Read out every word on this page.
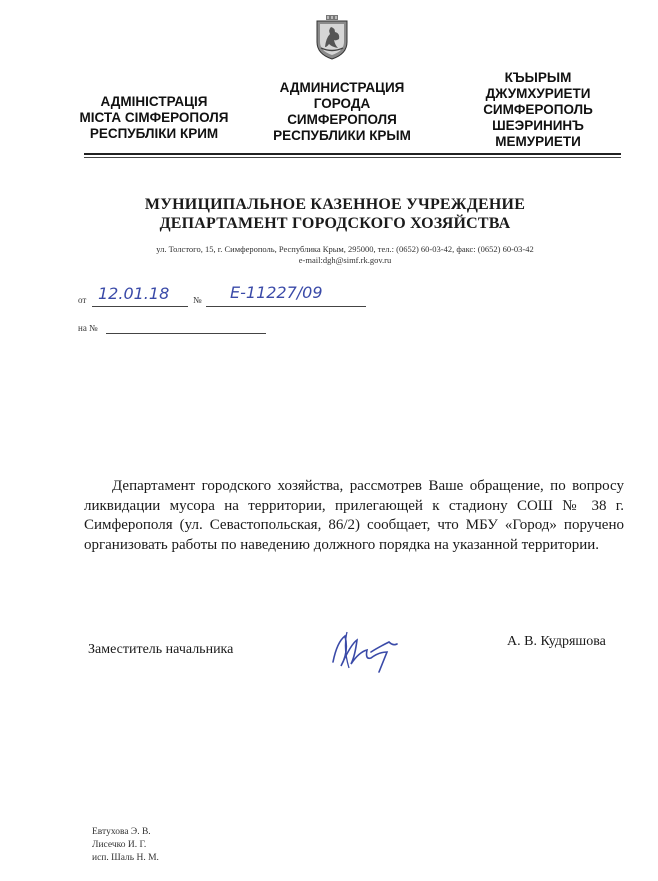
АДМІНІСТРАЦІЯ
МІСТА СІМФЕРОПОЛЯ
РЕСПУБЛІКИ КРИМ
АДМИНИСТРАЦИЯ
ГОРОДА
СИМФЕРОПОЛЯ
РЕСПУБЛИКИ КРЫМ
КЪЫРЫМ
ДЖУМХУРИЕТИ
СИМФЕРОПОЛЬ
ШЕЭРИНИНЪ
МЕМУРИЕТИ
МУНИЦИПАЛЬНОЕ КАЗЕННОЕ УЧРЕЖДЕНИЕ
ДЕПАРТАМЕНТ ГОРОДСКОГО ХОЗЯЙСТВА
ул. Толстого, 15, г. Симферополь, Республика Крым, 295000, тел.: (0652) 60-03-42, факс: (0652) 60-03-42
e-mail:dgh@simf.rk.gov.ru
от 12.01.18	№ Е-11227/09
на №
Департамент городского хозяйства, рассмотрев Ваше обращение, по вопросу ликвидации мусора на территории, прилегающей к стадиону СОШ № 38 г. Симферополя (ул. Севастопольская, 86/2) сообщает, что МБУ «Город» поручено организовать работы по наведению должного порядка на указанной территории.
Заместитель начальника
А. В. Кудряшова
Евтухова Э. В.
Лисечко И. Г.
исп. Шаль Н. М.
